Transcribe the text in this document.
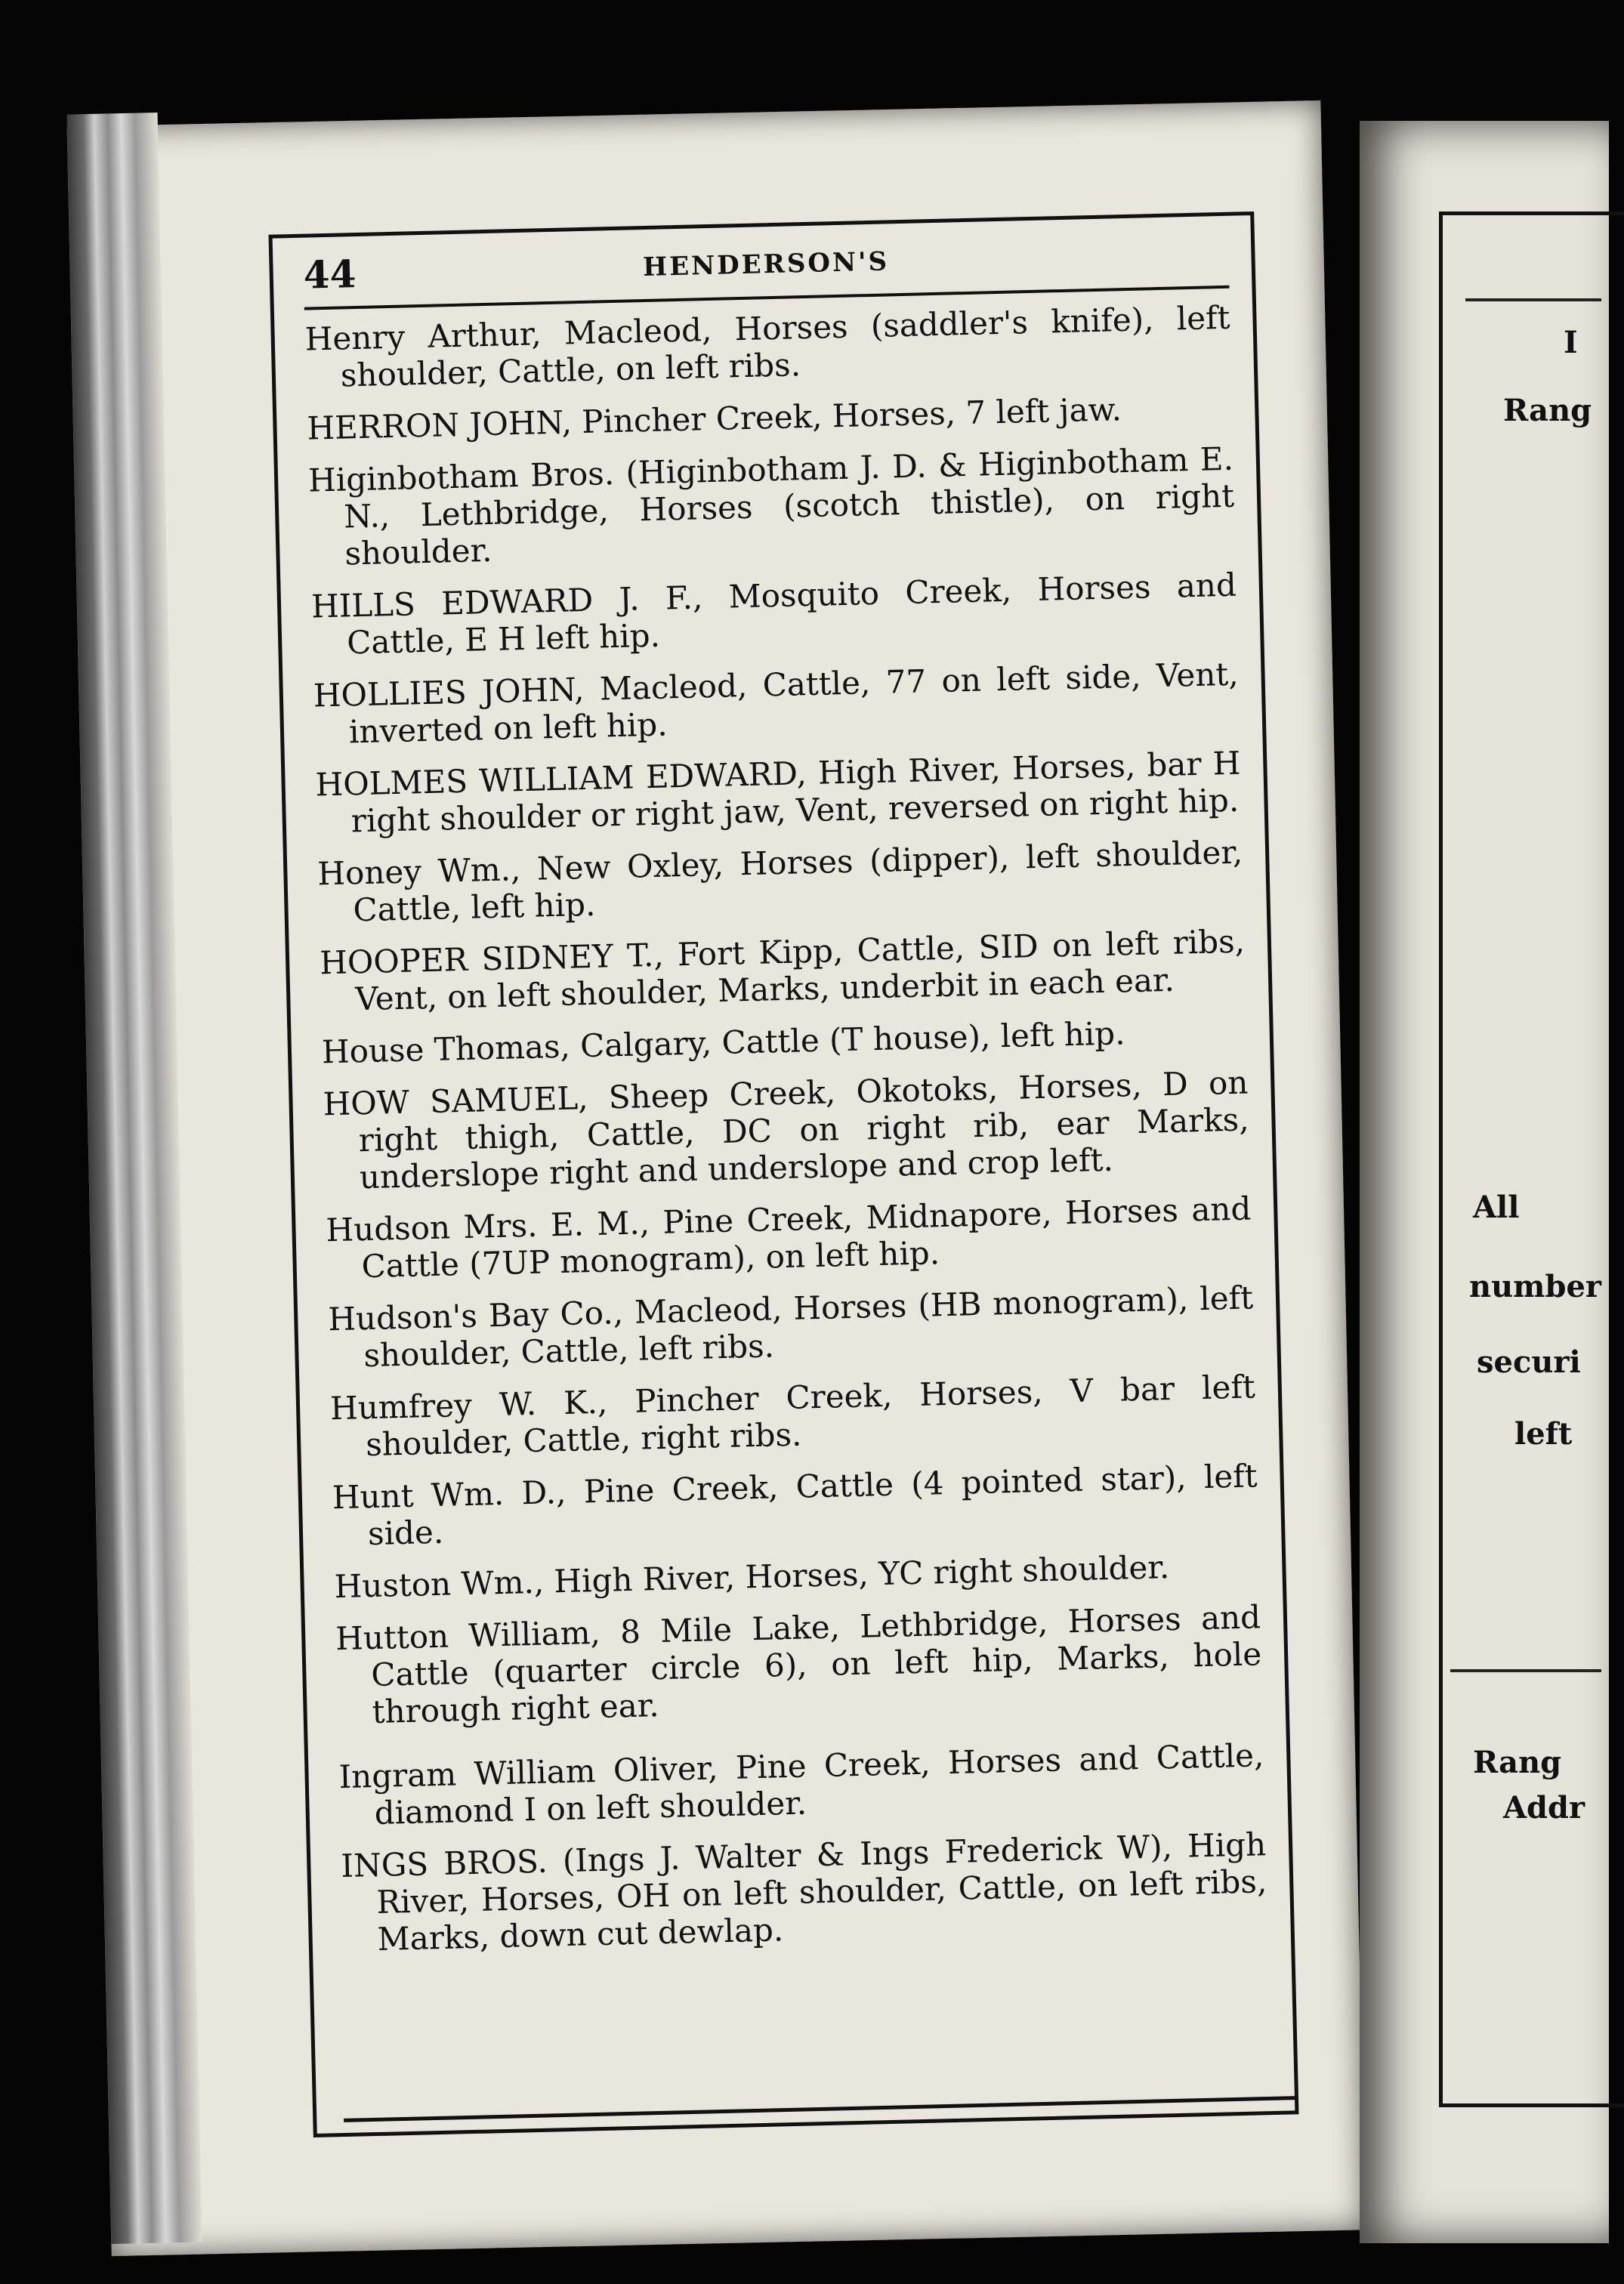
I
Rang
All
number
securi
left
Rang
Addr
44	HENDERSON'S

Henry Arthur, Macleod, Horses (saddler's knife), left shoulder, Cattle, on left ribs.

HERRON JOHN, Pincher Creek, Horses, 7 left jaw.

Higinbotham Bros. (Higinbotham J. D. & Higinbotham E. N., Lethbridge, Horses (scotch thistle), on right shoulder.

HILLS EDWARD J. F., Mosquito Creek, Horses and Cattle, E H left hip.

HOLLIES JOHN, Macleod, Cattle, 77 on left side, Vent, inverted on left hip.

HOLMES WILLIAM EDWARD, High River, Horses, bar H right shoulder or right jaw, Vent, reversed on right hip.

Honey Wm., New Oxley, Horses (dipper), left shoulder, Cattle, left hip.

HOOPER SIDNEY T., Fort Kipp, Cattle, SID on left ribs, Vent, on left shoulder, Marks, underbit in each ear.

House Thomas, Calgary, Cattle (T house), left hip.

HOW SAMUEL, Sheep Creek, Okotoks, Horses, D on right thigh, Cattle, DC on right rib, ear Marks, underslope right and underslope and crop left.

Hudson Mrs. E. M., Pine Creek, Midnapore, Horses and Cattle (7UP monogram), on left hip.

Hudson's Bay Co., Macleod, Horses (HB monogram), left shoulder, Cattle, left ribs.

Humfrey W. K., Pincher Creek, Horses, V bar left shoulder, Cattle, right ribs.

Hunt Wm. D., Pine Creek, Cattle (4 pointed star), left side.

Huston Wm., High River, Horses, YC right shoulder.

Hutton William, 8 Mile Lake, Lethbridge, Horses and Cattle (quarter circle 6), on left hip, Marks, hole through right ear.

Ingram William Oliver, Pine Creek, Horses and Cattle, diamond I on left shoulder.

INGS BROS. (Ings J. Walter & Ings Frederick W), High River, Horses, OH on left shoulder, Cattle, on left ribs, Marks, down cut dewlap.
